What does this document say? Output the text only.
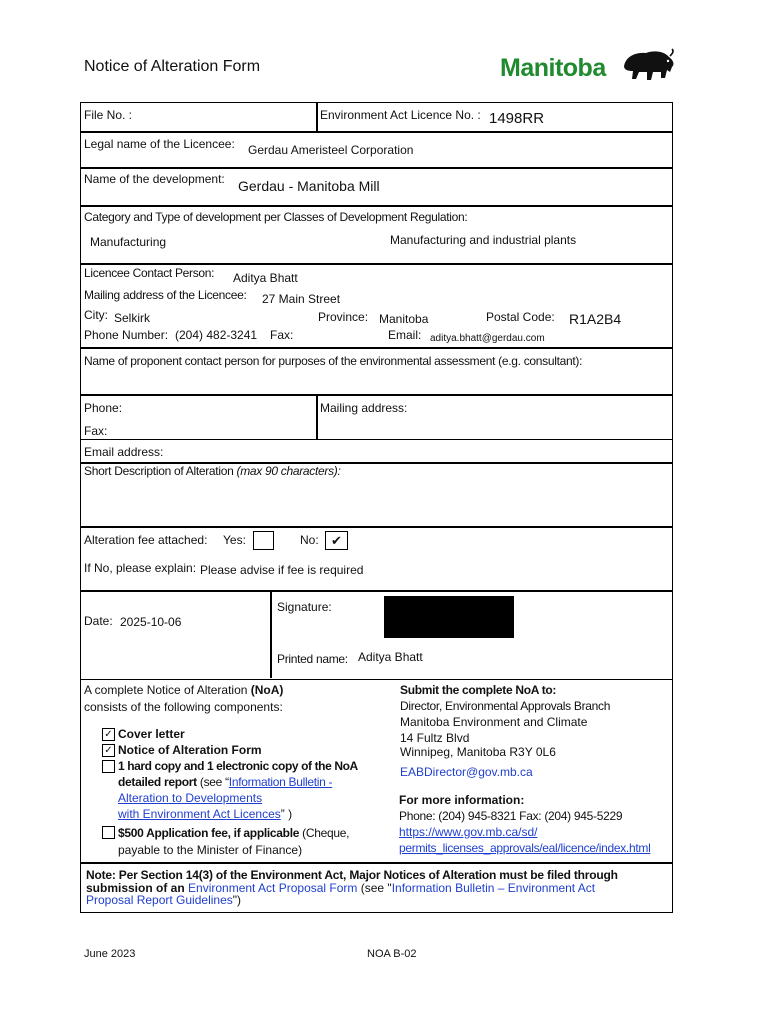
Notice of Alteration Form	Manitoba
File No. :	Environment Act Licence No. : 1498RR
Legal name of the Licencee: Gerdau Ameristeel Corporation
Name of the development: Gerdau - Manitoba Mill
Category and Type of development per Classes of Development Regulation:
Manufacturing	Manufacturing and industrial plants
Licencee Contact Person: Aditya Bhatt
Mailing address of the Licencee: 27 Main Street
City: Selkirk	Province: Manitoba	Postal Code: R1A2B4
Phone Number: (204) 482-3241 Fax:	Email: aditya.bhatt@gerdau.com
Name of proponent contact person for purposes of the environmental assessment (e.g. consultant):
Phone:	Mailing address:
Fax:
Email address:
Short Description of Alteration (max 90 characters):
Alteration fee attached: Yes:	No: ✔
If No, please explain: Please advise if fee is required
Date: 2025-10-06
Signature:
Printed name: Aditya Bhatt
A complete Notice of Alteration (NoA)
consists of the following components:
✓ Cover letter
✓ Notice of Alteration Form
1 hard copy and 1 electronic copy of the NoA
detailed report (see “Information Bulletin -
Alteration to Developments
with Environment Act Licences” )
$500 Application fee, if applicable (Cheque,
payable to the Minister of Finance)
Submit the complete NoA to:
Director, Environmental Approvals Branch
Manitoba Environment and Climate
14 Fultz Blvd
Winnipeg, Manitoba R3Y 0L6
EABDirector@gov.mb.ca
For more information:
Phone: (204) 945-8321 Fax: (204) 945-5229
https://www.gov.mb.ca/sd/
permits_licenses_approvals/eal/licence/index.html
Note: Per Section 14(3) of the Environment Act, Major Notices of Alteration must be filed through
submission of an Environment Act Proposal Form (see "Information Bulletin – Environment Act
Proposal Report Guidelines")
June 2023	NOA B-02
